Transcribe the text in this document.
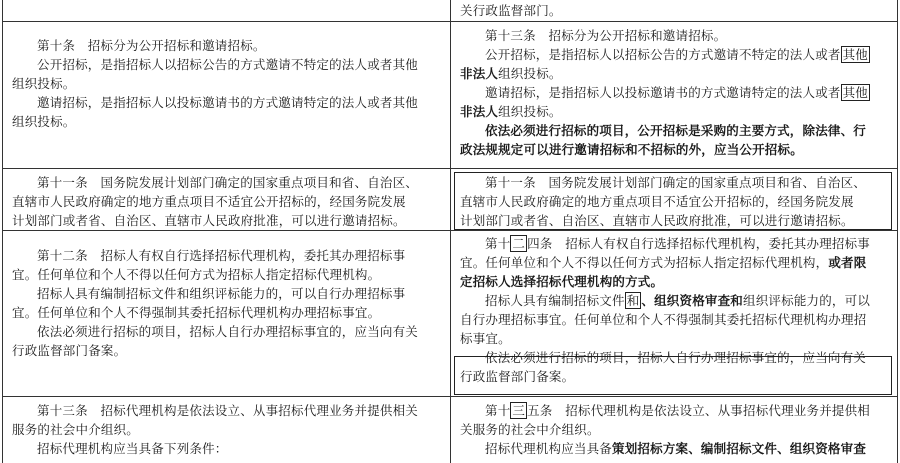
关行政监督部门。
第十条　招标分为公开招标和邀请招标。
公开招标，是指招标人以招标公告的方式邀请不特定的法人或者其他
组织投标。
邀请招标，是指招标人以投标邀请书的方式邀请特定的法人或者其他
组织投标。
第十三条　招标分为公开招标和邀请招标。
公开招标，是指招标人以招标公告的方式邀请不特定的法人或者 其他
非法人组织投标。
邀请招标，是指招标人以投标邀请书的方式邀请特定的法人或者 其他
非法人组织投标。
依法必须进行招标的项目，公开招标是采购的主要方式，除法律、行
政法规规定可以进行邀请招标和不招标的外，应当公开招标。
第十一条　国务院发展计划部门确定的国家重点项目和省、自治区、
直辖市人民政府确定的地方重点项目不适宜公开招标的，经国务院发展
计划部门或者省、自治区、直辖市人民政府批准，可以进行邀请招标。
第十一条　国务院发展计划部门确定的国家重点项目和省、自治区、
直辖市人民政府确定的地方重点项目不适宜公开招标的，经国务院发展
计划部门或者省、自治区、直辖市人民政府批准，可以进行邀请招标。
第十二条　招标人有权自行选择招标代理机构，委托其办理招标事
宜。任何单位和个人不得以任何方式为招标人指定招标代理机构。
招标人具有编制招标文件和组织评标能力的，可以自行办理招标事
宜。任何单位和个人不得强制其委托招标代理机构办理招标事宜。
依法必须进行招标的项目，招标人自行办理招标事宜的，应当向有关
行政监督部门备案。
第十 二 四条　招标人有权自行选择招标代理机构，委托其办理招标事
宜。任何单位和个人不得以任何方式为招标人指定招标代理机构，或者限
定招标人选择招标代理机构的方式。
招标人具有编制招标文件 和 、组织资格审查和组织评标能力的，可以
自行办理招标事宜。任何单位和个人不得强制其委托招标代理机构办理招
标事宜。
依法必须进行招标的项目，招标人自行办理招标事宜的，应当向有关
行政监督部门备案。
第十三条　招标代理机构是依法设立、从事招标代理业务并提供相关
服务的社会中介组织。
招标代理机构应当具备下列条件：
第十 三 五条　招标代理机构是依法设立、从事招标代理业务并提供相
关服务的社会中介组织。
招标代理机构应当具备策划招标方案、编制招标文件、组织资格审查
